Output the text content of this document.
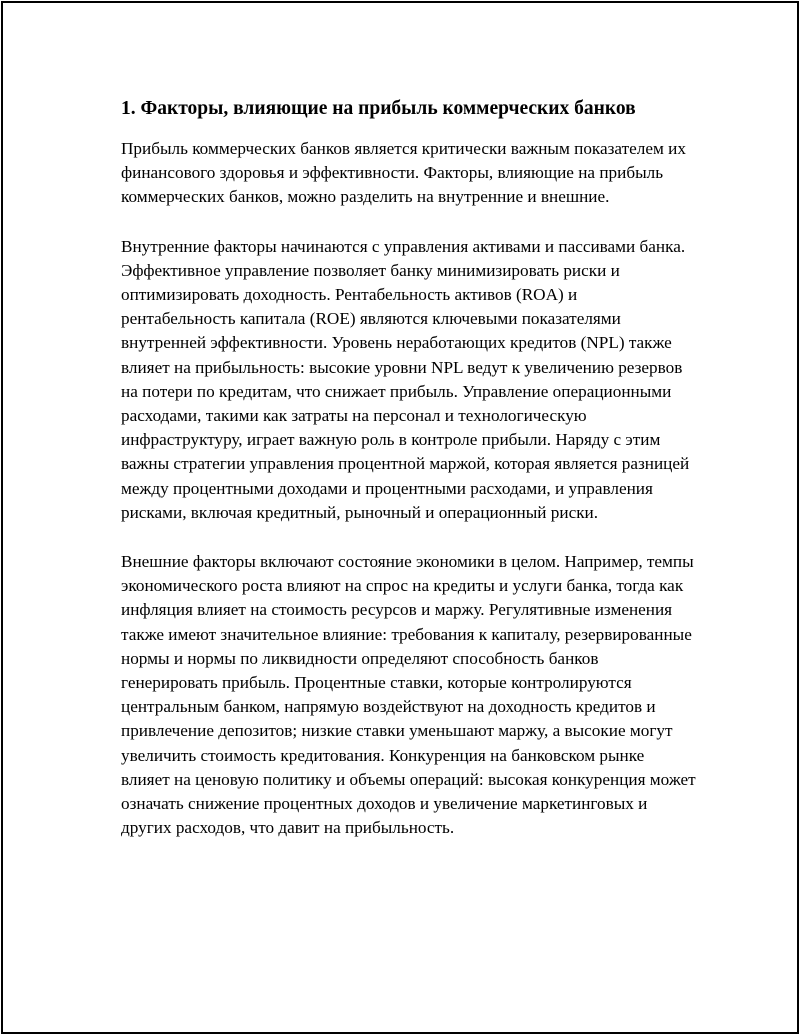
1. Факторы, влияющие на прибыль коммерческих банков

Прибыль коммерческих банков является критически важным показателем их финансового здоровья и эффективности. Факторы, влияющие на прибыль коммерческих банков, можно разделить на внутренние и внешние.

Внутренние факторы начинаются с управления активами и пассивами банка. Эффективное управление позволяет банку минимизировать риски и оптимизировать доходность. Рентабельность активов (ROA) и рентабельность капитала (ROE) являются ключевыми показателями внутренней эффективности. Уровень неработающих кредитов (NPL) также влияет на прибыльность: высокие уровни NPL ведут к увеличению резервов на потери по кредитам, что снижает прибыль. Управление операционными расходами, такими как затраты на персонал и технологическую инфраструктуру, играет важную роль в контроле прибыли. Наряду с этим важны стратегии управления процентной маржой, которая является разницей между процентными доходами и процентными расходами, и управления рисками, включая кредитный, рыночный и операционный риски.

Внешние факторы включают состояние экономики в целом. Например, темпы экономического роста влияют на спрос на кредиты и услуги банка, тогда как инфляция влияет на стоимость ресурсов и маржу. Регулятивные изменения также имеют значительное влияние: требования к капиталу, резервированные нормы и нормы по ликвидности определяют способность банков генерировать прибыль. Процентные ставки, которые контролируются центральным банком, напрямую воздействуют на доходность кредитов и привлечение депозитов; низкие ставки уменьшают маржу, а высокие могут увеличить стоимость кредитования. Конкуренция на банковском рынке влияет на ценовую политику и объемы операций: высокая конкуренция может означать снижение процентных доходов и увеличение маркетинговых и других расходов, что давит на прибыльность.
